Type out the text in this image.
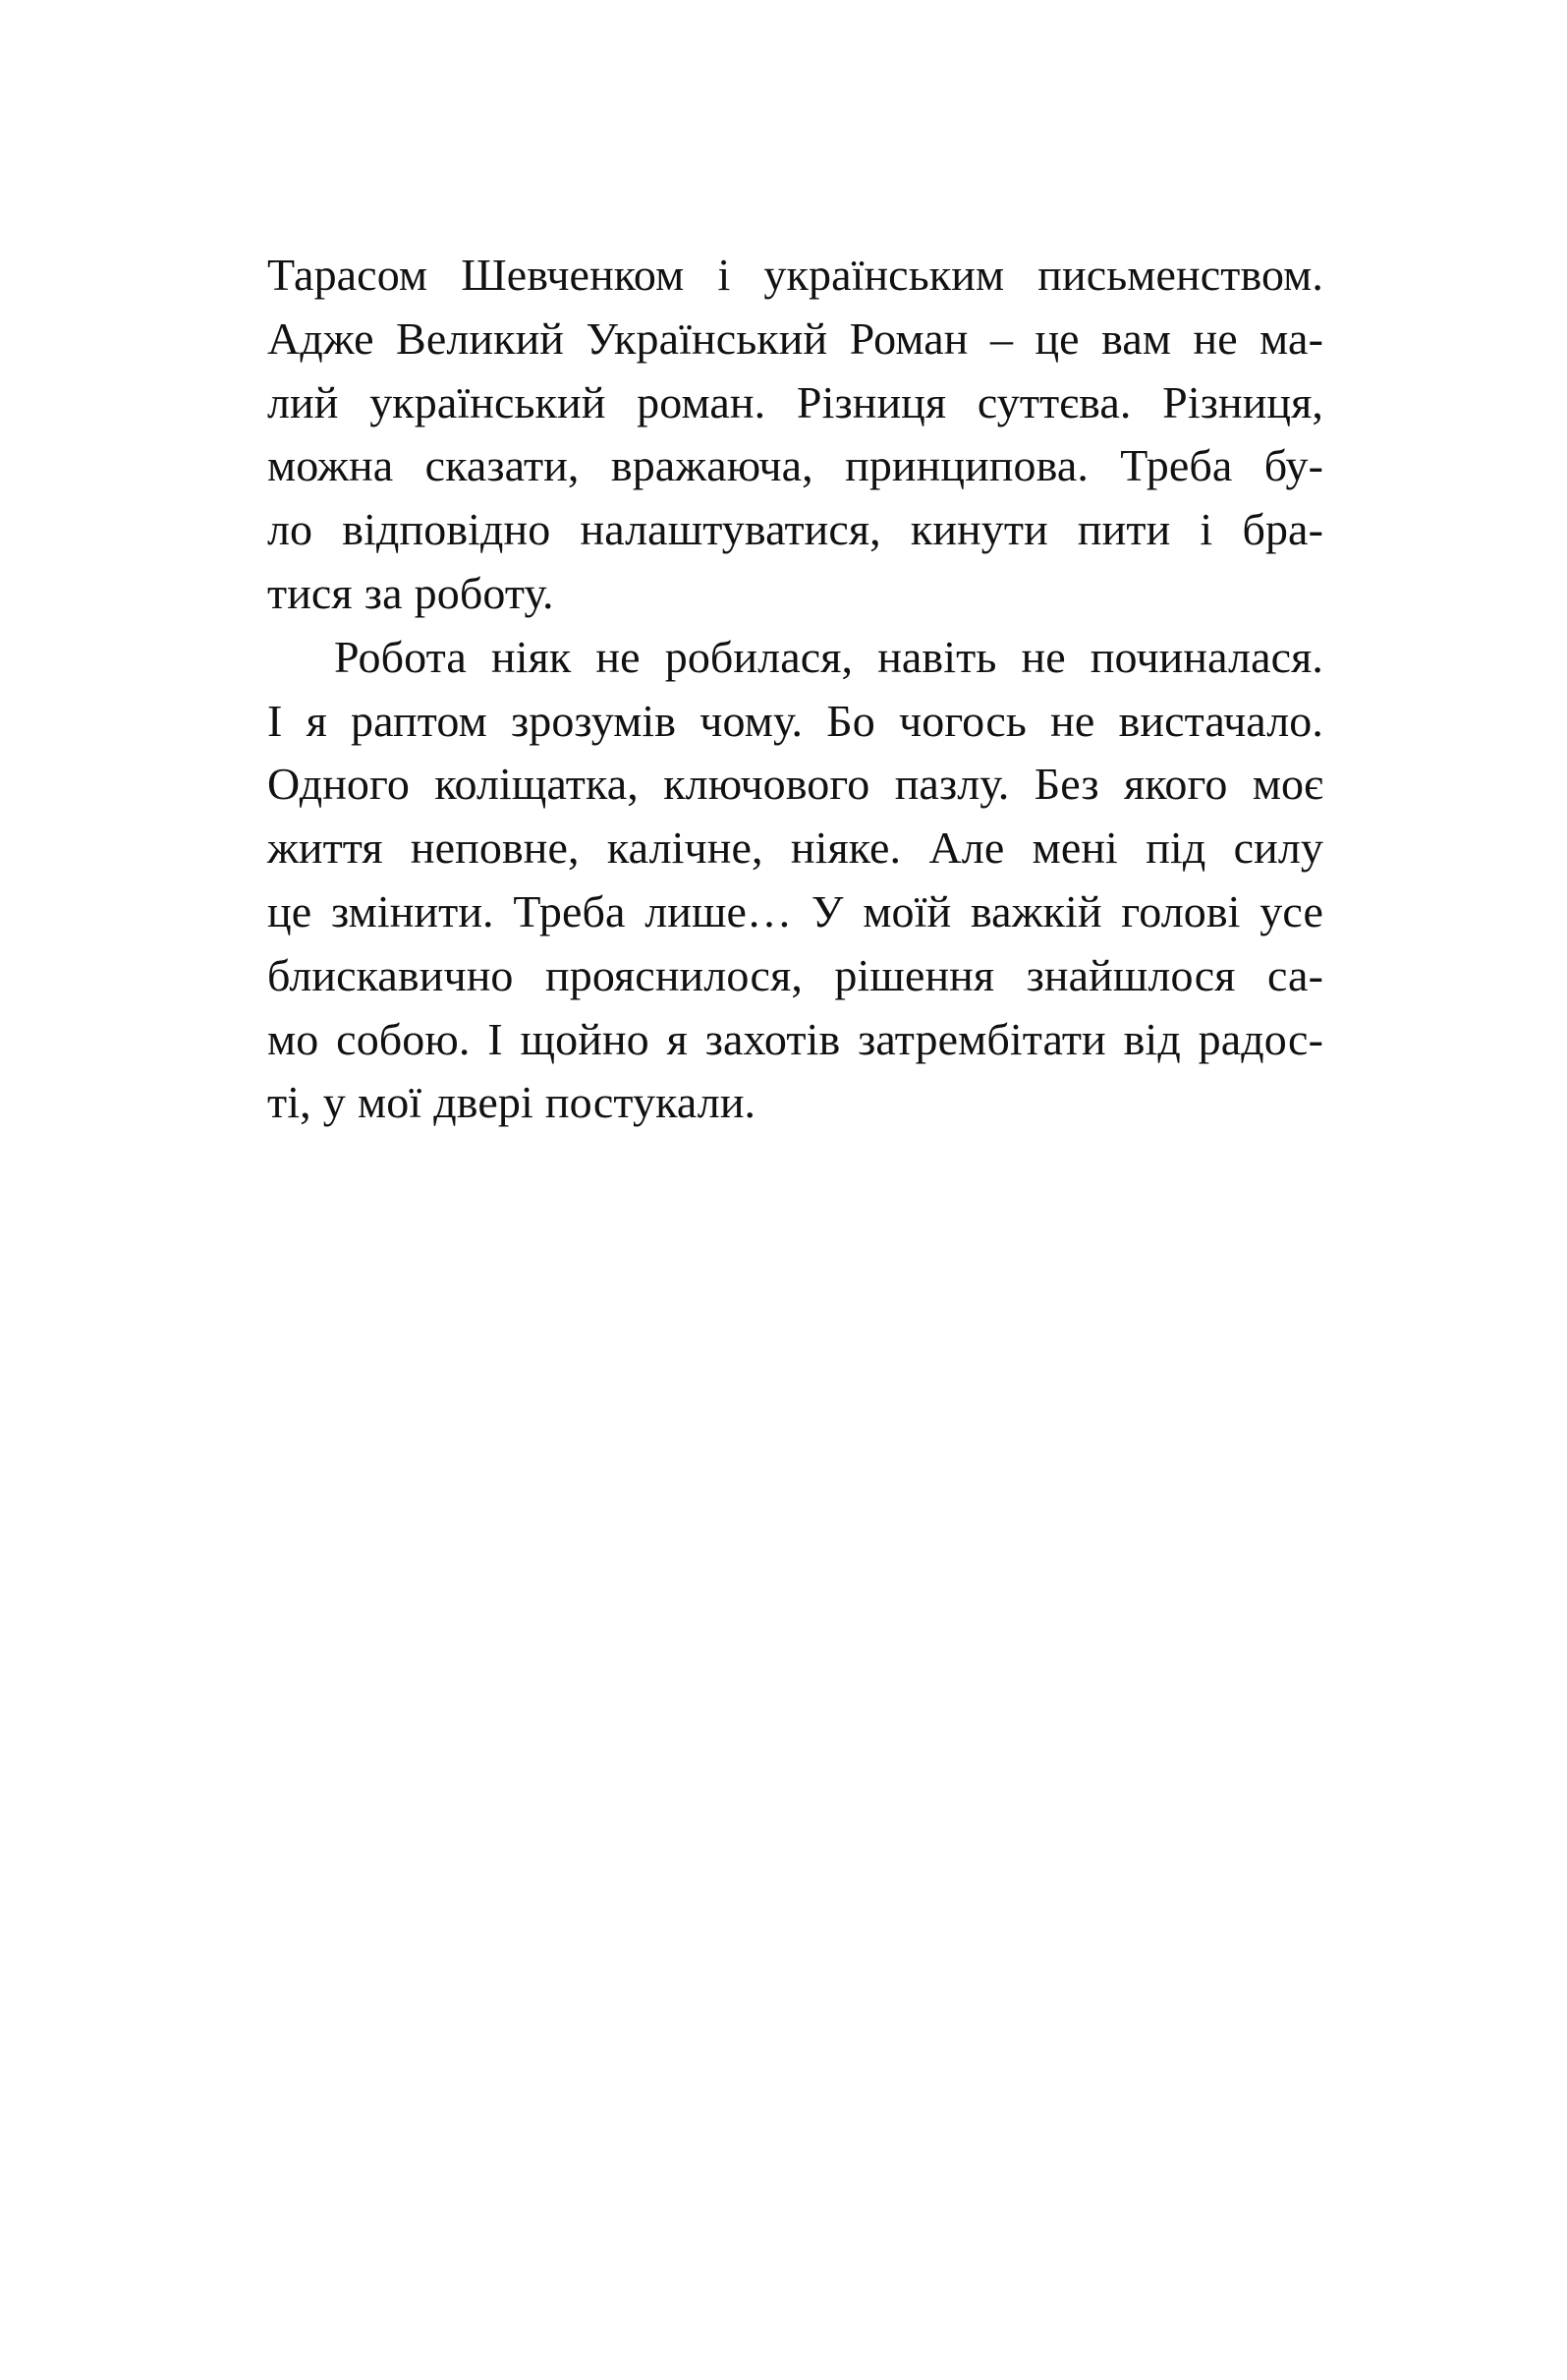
Тарасом Шевченком і українським письменством.
Адже Великий Український Роман – це вам не ма-
лий український роман. Різниця суттєва. Різниця,
можна сказати, вражаюча, принципова. Треба бу-
ло відповідно налаштуватися, кинути пити і бра-
тися за роботу.

Робота ніяк не робилася, навіть не починалася.
І я раптом зрозумів чому. Бо чогось не вистачало.
Одного коліщатка, ключового пазлу. Без якого моє
життя неповне, калічне, ніяке. Але мені під силу
це змінити. Треба лише… У моїй важкій голові усе
блискавично прояснилося, рішення знайшлося са-
мо собою. І щойно я захотів затрембітати від радос-
ті, у мої двері постукали.
